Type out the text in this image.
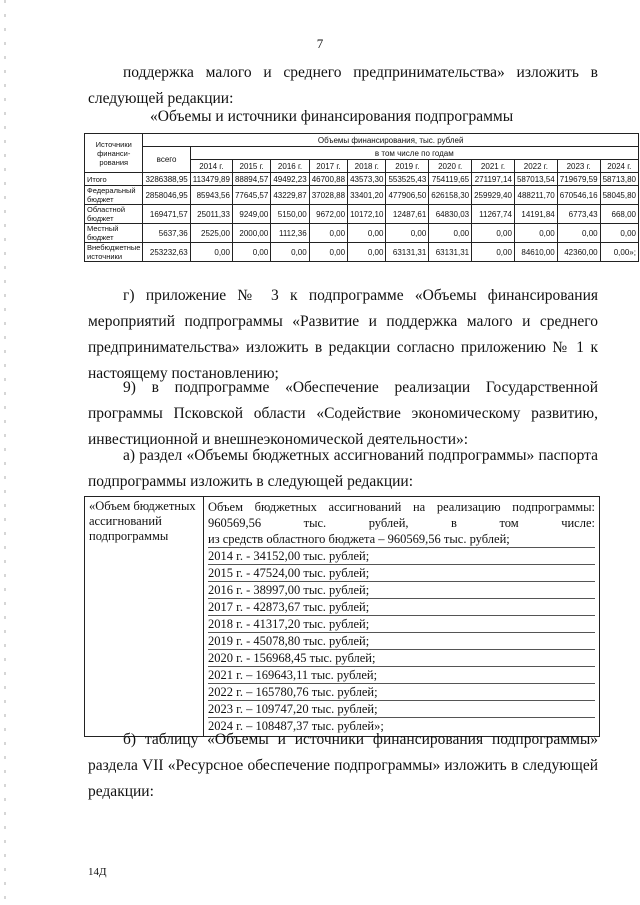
7
поддержка малого и среднего предпринимательства» изложить в следующей редакции:
«Объемы и источники финансирования подпрограммы
Источники финанси-рования	Объемы финансирования, тыс. рублей											
	всего	в том числе по годам										
		2014 г.	2015 г.	2016 г.	2017 г.	2018 г.	2019 г.	2020 г.	2021 г.	2022 г.	2023 г.	2024 г.
Итого	3286388,95	113479,89	88894,57	49492,23	46700,88	43573,30	553525,43	754119,65	271197,14	587013,54	719679,59	58713,80
Федеральный бюджет	2858046,95	85943,56	77645,57	43229,87	37028,88	33401,20	477906,50	626158,30	259929,40	488211,70	670546,16	58045,80
Областной бюджет	169471,57	25011,33	9249,00	5150,00	9672,00	10172,10	12487,61	64830,03	11267,74	14191,84	6773,43	668,00
Местный бюджет	5637,36	2525,00	2000,00	1112,36	0,00	0,00	0,00	0,00	0,00	0,00	0,00	0,00
Внебюджетные источники	253232,63	0,00	0,00	0,00	0,00	0,00	63131,31	63131,31	0,00	84610,00	42360,00	0,00»;
г) приложение № 3 к подпрограмме «Объемы финансирования мероприятий подпрограммы «Развитие и поддержка малого и среднего предпринимательства» изложить в редакции согласно приложению № 1 к настоящему постановлению;
9) в подпрограмме «Обеспечение реализации Государственной программы Псковской области «Содействие экономическому развитию, инвестиционной и внешнеэкономической деятельности»:
а) раздел «Объемы бюджетных ассигнований подпрограммы» паспорта подпрограммы изложить в следующей редакции:
«Объем бюджетных ассигнований подпрограммы	
Объем бюджетных ассигнований на реализацию подпрограммы: 960569,56 тыс. рублей, в том числе:
из средств областного бюджета – 960569,56 тыс. рублей;
2014 г. - 34152,00 тыс. рублей;
2015 г. - 47524,00 тыс. рублей;
2016 г. - 38997,00 тыс. рублей;
2017 г. - 42873,67 тыс. рублей;
2018 г. - 41317,20 тыс. рублей;
2019 г. - 45078,80 тыс. рублей;
2020 г. - 156968,45 тыс. рублей;
2021 г. – 169643,11 тыс. рублей;
2022 г. – 165780,76 тыс. рублей;
2023 г. – 109747,20 тыс. рублей;
2024 г. – 108487,37 тыс. рублей»;
б) таблицу «Объемы и источники финансирования подпрограммы» раздела VII «Ресурсное обеспечение подпрограммы» изложить в следующей редакции:
14Д
